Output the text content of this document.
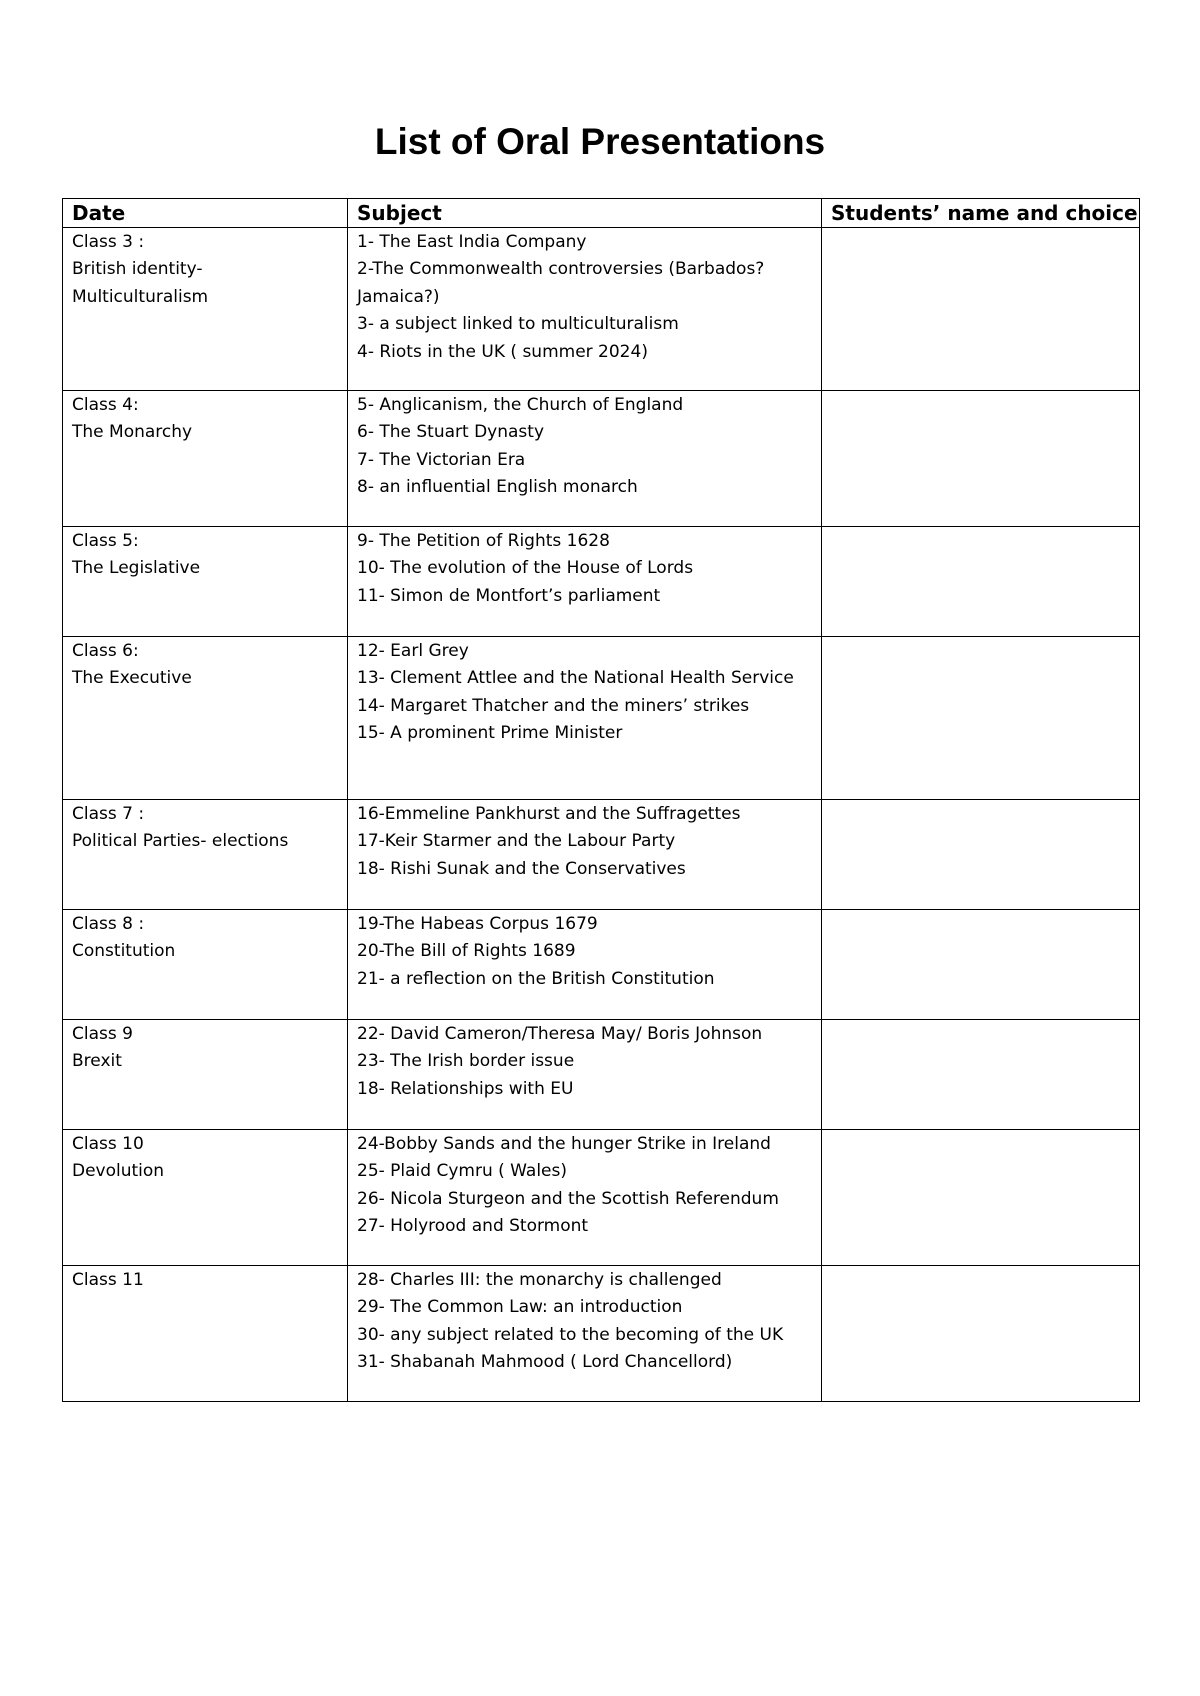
List of Oral Presentations
Date	Subject	Students’ name and choice

Class 3 :
British identity-
Multiculturalism	1- The East India Company
2-The Commonwealth controversies (Barbados? Jamaica?)
3- a subject linked to multiculturalism
4- Riots in the UK ( summer 2024)	

Class 4:
The Monarchy	5- Anglicanism, the Church of England
6- The Stuart Dynasty
7- The Victorian Era
8- an influential English monarch	

Class 5:
The Legislative	9- The Petition of Rights 1628
10- The evolution of the House of Lords
11- Simon de Montfort’s parliament	

Class 6:
The Executive	12- Earl Grey
13- Clement Attlee and the National Health Service
14- Margaret Thatcher and the miners’ strikes
15- A prominent Prime Minister	

Class 7 :
Political Parties- elections	16-Emmeline Pankhurst and the Suffragettes
17-Keir Starmer and the Labour Party
18- Rishi Sunak and the Conservatives	

Class 8 :
Constitution	19-The Habeas Corpus 1679
20-The Bill of Rights 1689
21- a reflection on the British Constitution	

Class 9
Brexit	22- David Cameron/Theresa May/ Boris Johnson
23- The Irish border issue
18- Relationships with EU	

Class 10
Devolution	24-Bobby Sands and the hunger Strike in Ireland
25- Plaid Cymru ( Wales)
26- Nicola Sturgeon and the Scottish Referendum
27- Holyrood and Stormont	

Class 11	28- Charles III: the monarchy is challenged
29- The Common Law: an introduction
30- any subject related to the becoming of the UK
31- Shabanah Mahmood ( Lord Chancellord)	
